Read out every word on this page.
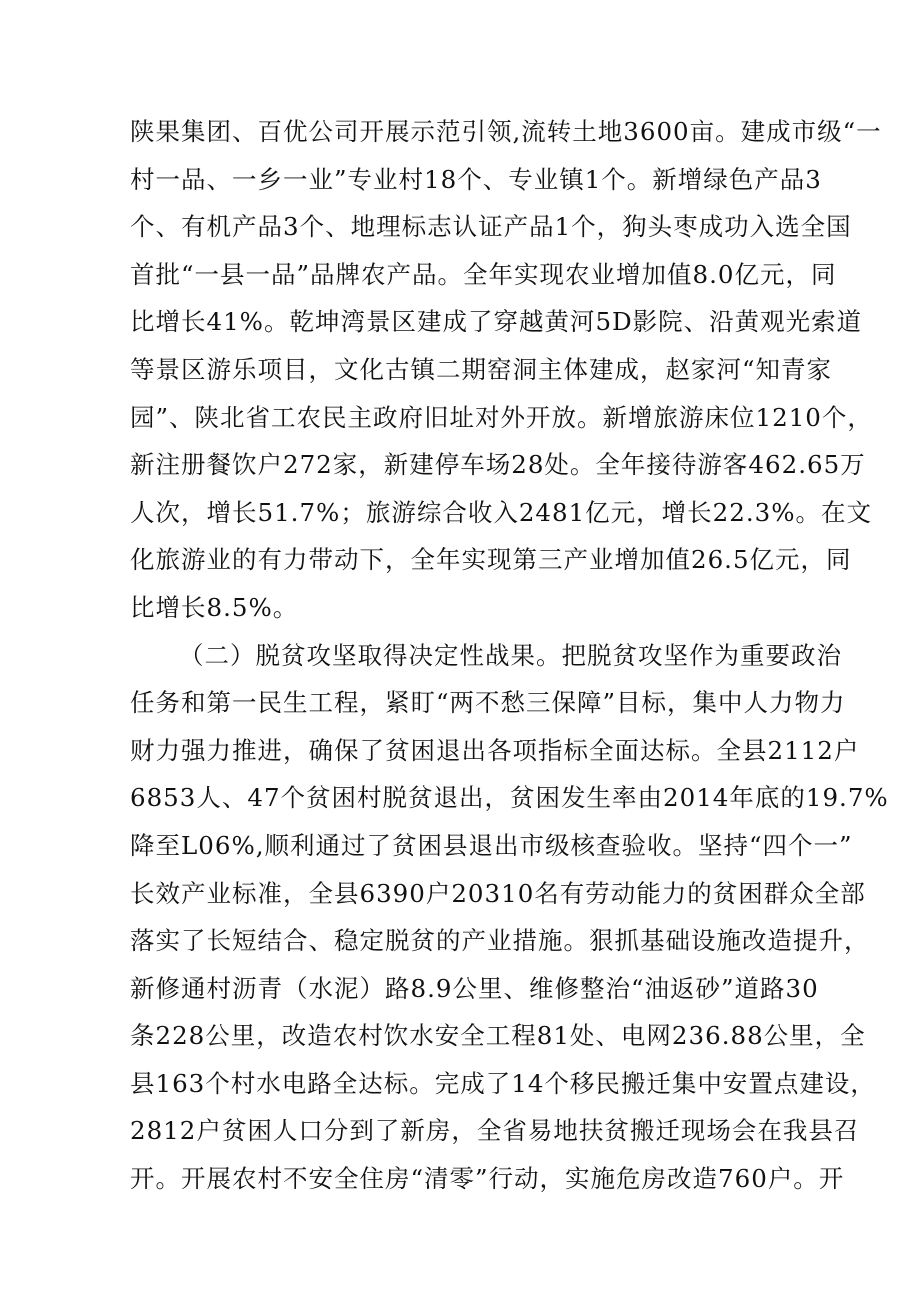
陕果集团、百优公司开展示范引领,流转土地3600亩。建成市级“一
村一品、一乡一业”专业村18个、专业镇1个。新增绿色产品3
个、有机产品3个、地理标志认证产品1个，狗头枣成功入选全国
首批“一县一品”品牌农产品。全年实现农业增加值8.0亿元，同
比增长41%。乾坤湾景区建成了穿越黄河5D影院、沿黄观光索道
等景区游乐项目，文化古镇二期窑洞主体建成，赵家河“知青家
园”、陕北省工农民主政府旧址对外开放。新增旅游床位1210个，
新注册餐饮户272家，新建停车场28处。全年接待游客462.65万
人次，增长51.7%；旅游综合收入2481亿元，增长22.3%。在文
化旅游业的有力带动下，全年实现第三产业增加值26.5亿元，同
比增长8.5%。
（二）脱贫攻坚取得决定性战果。把脱贫攻坚作为重要政治
任务和第一民生工程，紧盯“两不愁三保障”目标，集中人力物力
财力强力推进，确保了贫困退出各项指标全面达标。全县2112户
6853人、47个贫困村脱贫退出，贫困发生率由2014年底的19.7%
降至L06%,顺利通过了贫困县退出市级核查验收。坚持“四个一”
长效产业标准，全县6390户20310名有劳动能力的贫困群众全部
落实了长短结合、稳定脱贫的产业措施。狠抓基础设施改造提升，
新修通村沥青（水泥）路8.9公里、维修整治“油返砂”道路30
条228公里，改造农村饮水安全工程81处、电网236.88公里，全
县163个村水电路全达标。完成了14个移民搬迁集中安置点建设，
2812户贫困人口分到了新房，全省易地扶贫搬迁现场会在我县召
开。开展农村不安全住房“清零”行动，实施危房改造760户。开
